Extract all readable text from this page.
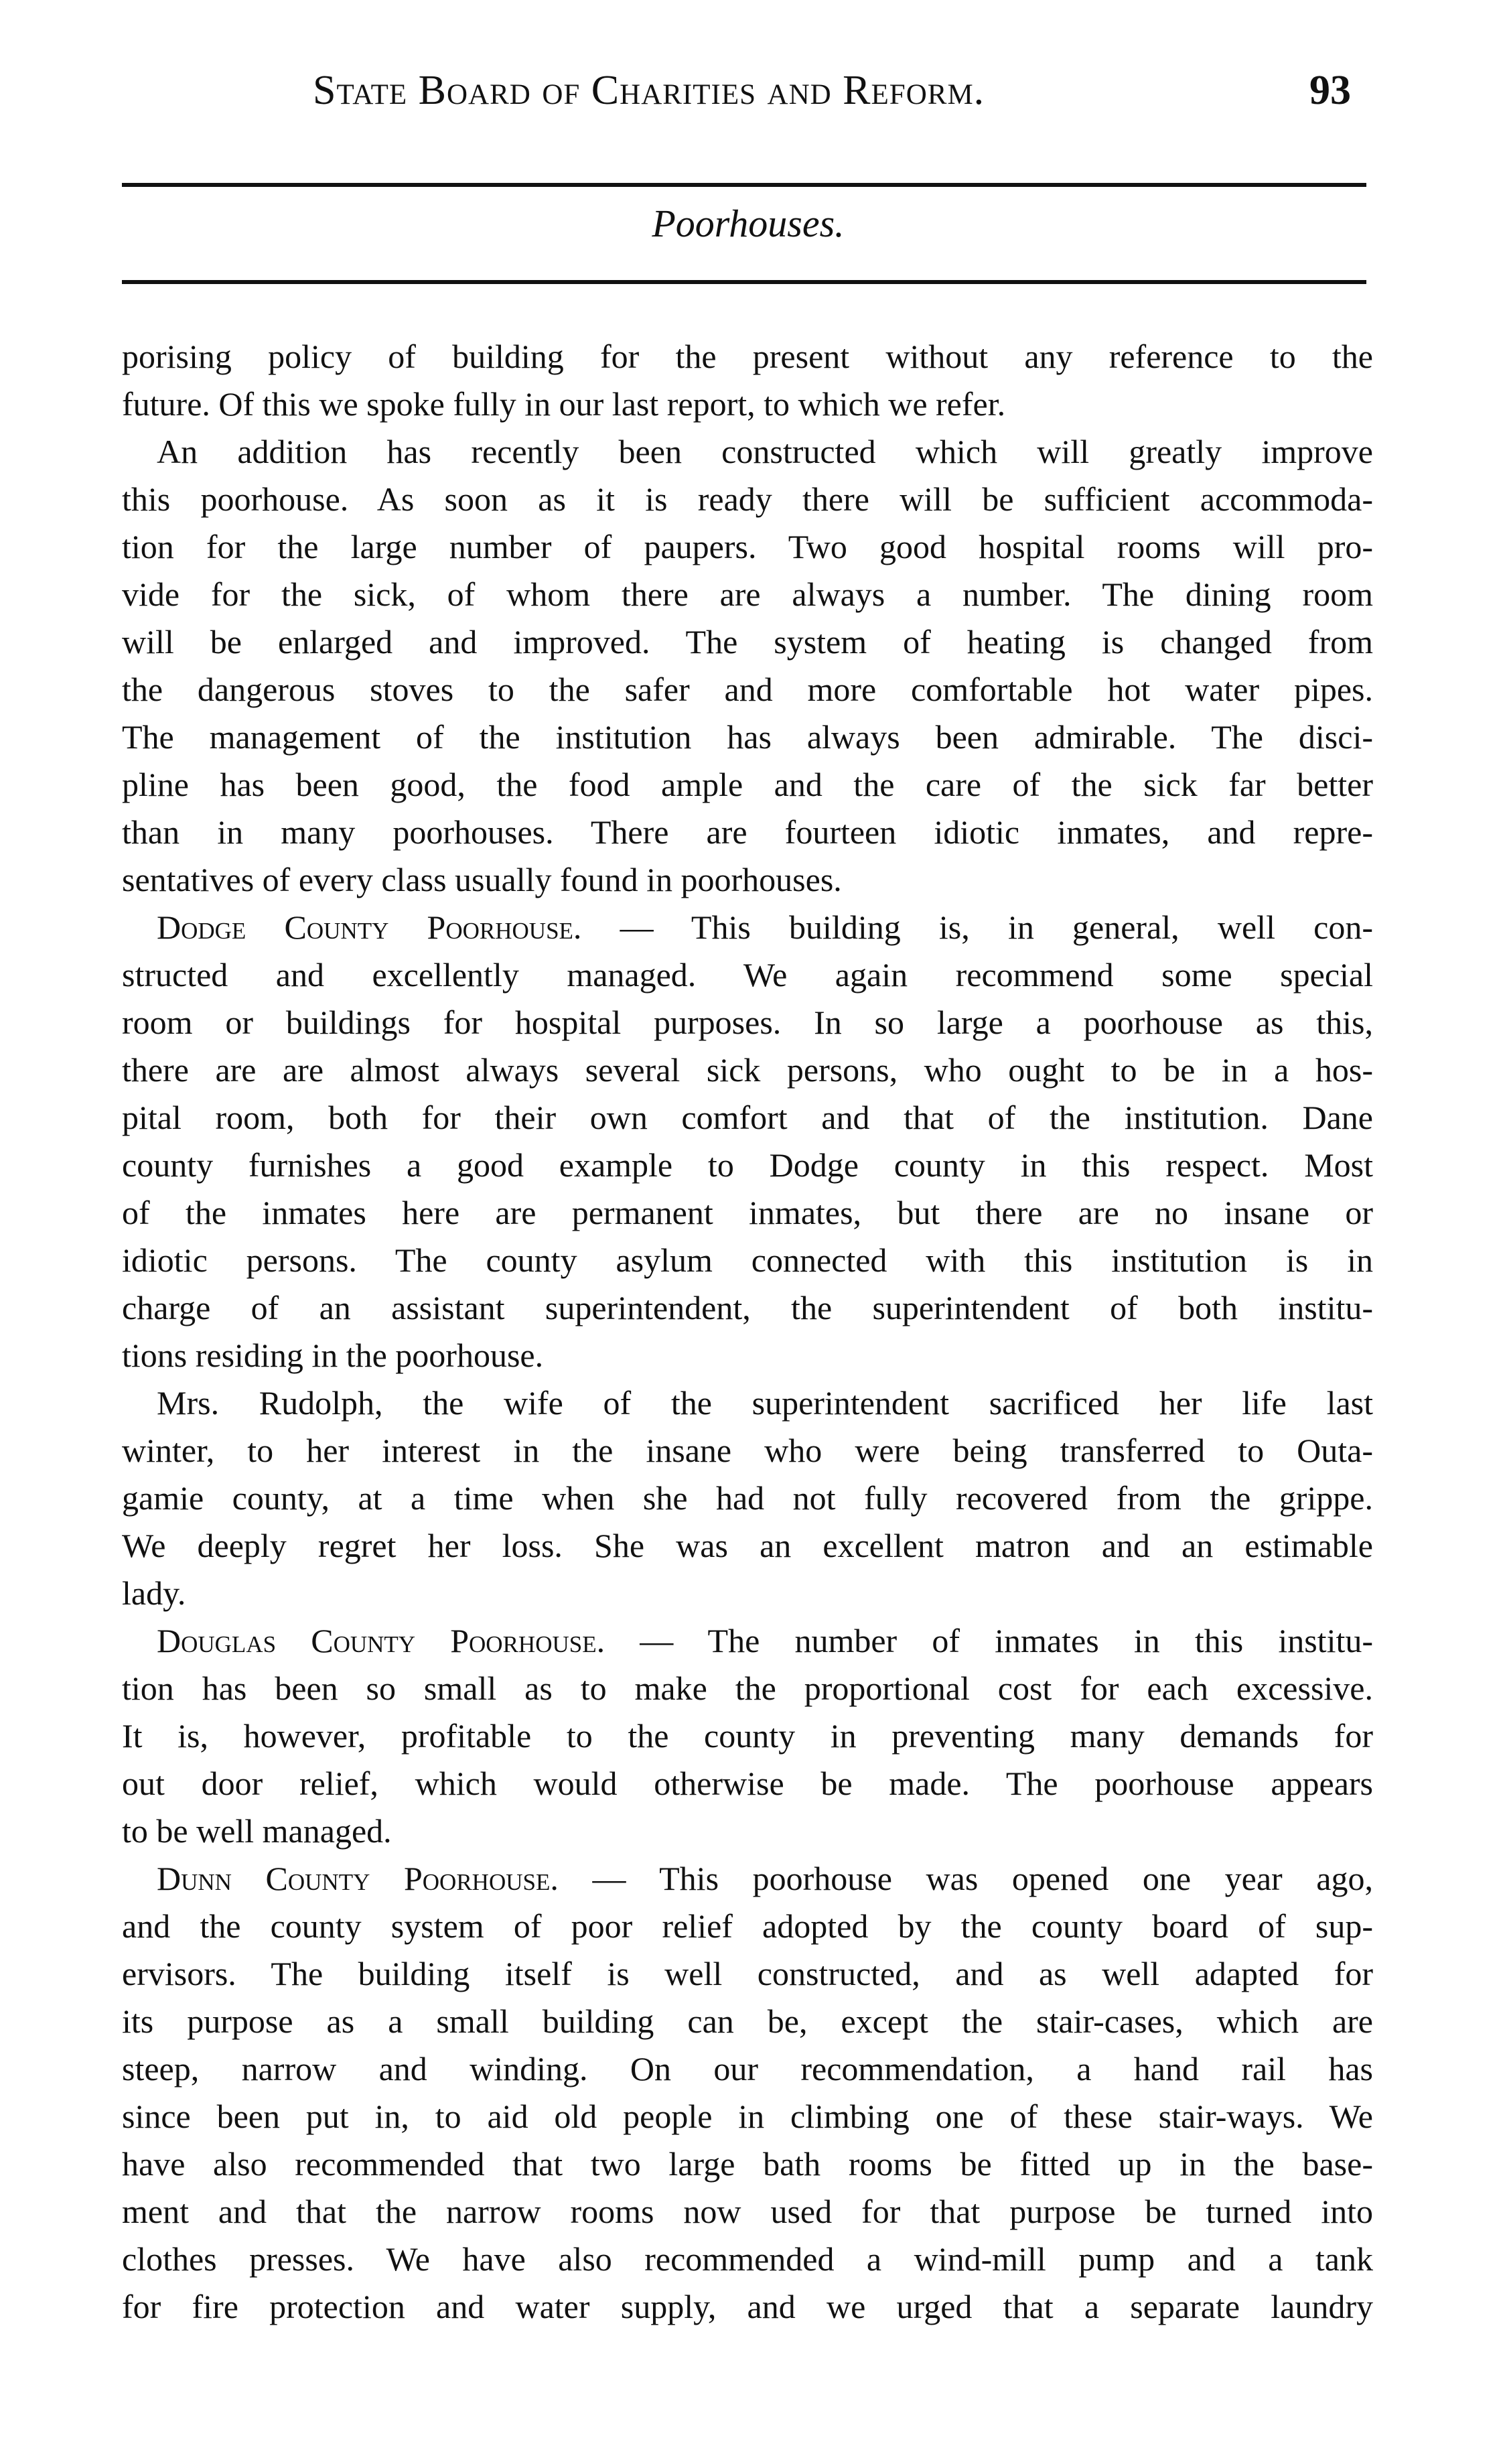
State Board of Charities and Reform.	93
Poorhouses.
porising policy of building for the present without any reference to the
future. Of this we spoke fully in our last report, to which we refer.
An addition has recently been constructed which will greatly improve
this poorhouse. As soon as it is ready there will be sufficient accommoda-
tion for the large number of paupers. Two good hospital rooms will pro-
vide for the sick, of whom there are always a number. The dining room
will be enlarged and improved. The system of heating is changed from
the dangerous stoves to the safer and more comfortable hot water pipes.
The management of the institution has always been admirable. The disci-
pline has been good, the food ample and the care of the sick far better
than in many poorhouses. There are fourteen idiotic inmates, and repre-
sentatives of every class usually found in poorhouses.
Dodge County Poorhouse. — This building is, in general, well con-
structed and excellently managed. We again recommend some special
room or buildings for hospital purposes. In so large a poorhouse as this,
there are are almost always several sick persons, who ought to be in a hos-
pital room, both for their own comfort and that of the institution. Dane
county furnishes a good example to Dodge county in this respect. Most
of the inmates here are permanent inmates, but there are no insane or
idiotic persons. The county asylum connected with this institution is in
charge of an assistant superintendent, the superintendent of both institu-
tions residing in the poorhouse.
Mrs. Rudolph, the wife of the superintendent sacrificed her life last
winter, to her interest in the insane who were being transferred to Outa-
gamie county, at a time when she had not fully recovered from the grippe.
We deeply regret her loss. She was an excellent matron and an estimable
lady.
Douglas County Poorhouse. — The number of inmates in this institu-
tion has been so small as to make the proportional cost for each excessive.
It is, however, profitable to the county in preventing many demands for
out door relief, which would otherwise be made. The poorhouse appears
to be well managed.
Dunn County Poorhouse. — This poorhouse was opened one year ago,
and the county system of poor relief adopted by the county board of sup-
ervisors. The building itself is well constructed, and as well adapted for
its purpose as a small building can be, except the stair-cases, which are
steep, narrow and winding. On our recommendation, a hand rail has
since been put in, to aid old people in climbing one of these stair-ways. We
have also recommended that two large bath rooms be fitted up in the base-
ment and that the narrow rooms now used for that purpose be turned into
clothes presses. We have also recommended a wind-mill pump and a tank
for fire protection and water supply, and we urged that a separate laundry
